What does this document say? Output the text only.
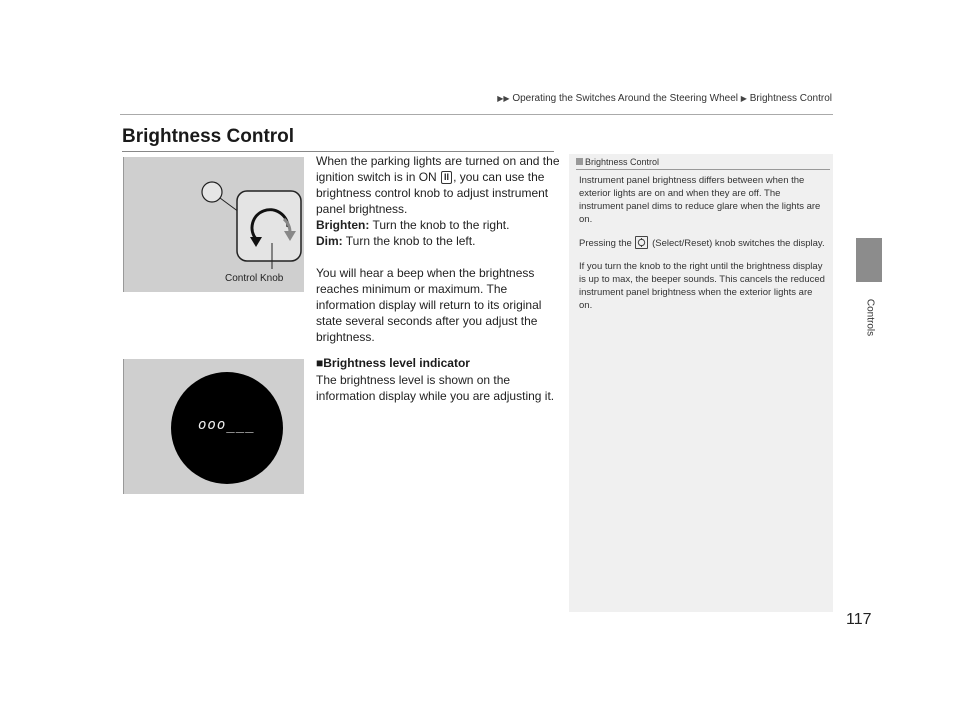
▶▶ Operating the Switches Around the Steering Wheel ▶ Brightness Control
Brightness Control
Control Knob
ooo___

When the parking lights are turned on and the ignition switch is in ON II , you can use the brightness control knob to adjust instrument panel brightness.

Brighten: Turn the knob to the right.

Dim: Turn the knob to the left.

You will hear a beep when the brightness reaches minimum or maximum. The information display will return to its original state several seconds after you adjust the brightness.

■Brightness level indicator
The brightness level is shown on the information display while you are adjusting it.
Brightness Control

Instrument panel brightness differs between when the exterior lights are on and when they are off. The instrument panel dims to reduce glare when the lights are on.

Pressing the  (Select/Reset) knob switches the display.

If you turn the knob to the right until the brightness display is up to max, the beeper sounds. This cancels the reduced instrument panel brightness when the exterior lights are on.	Controls
117
